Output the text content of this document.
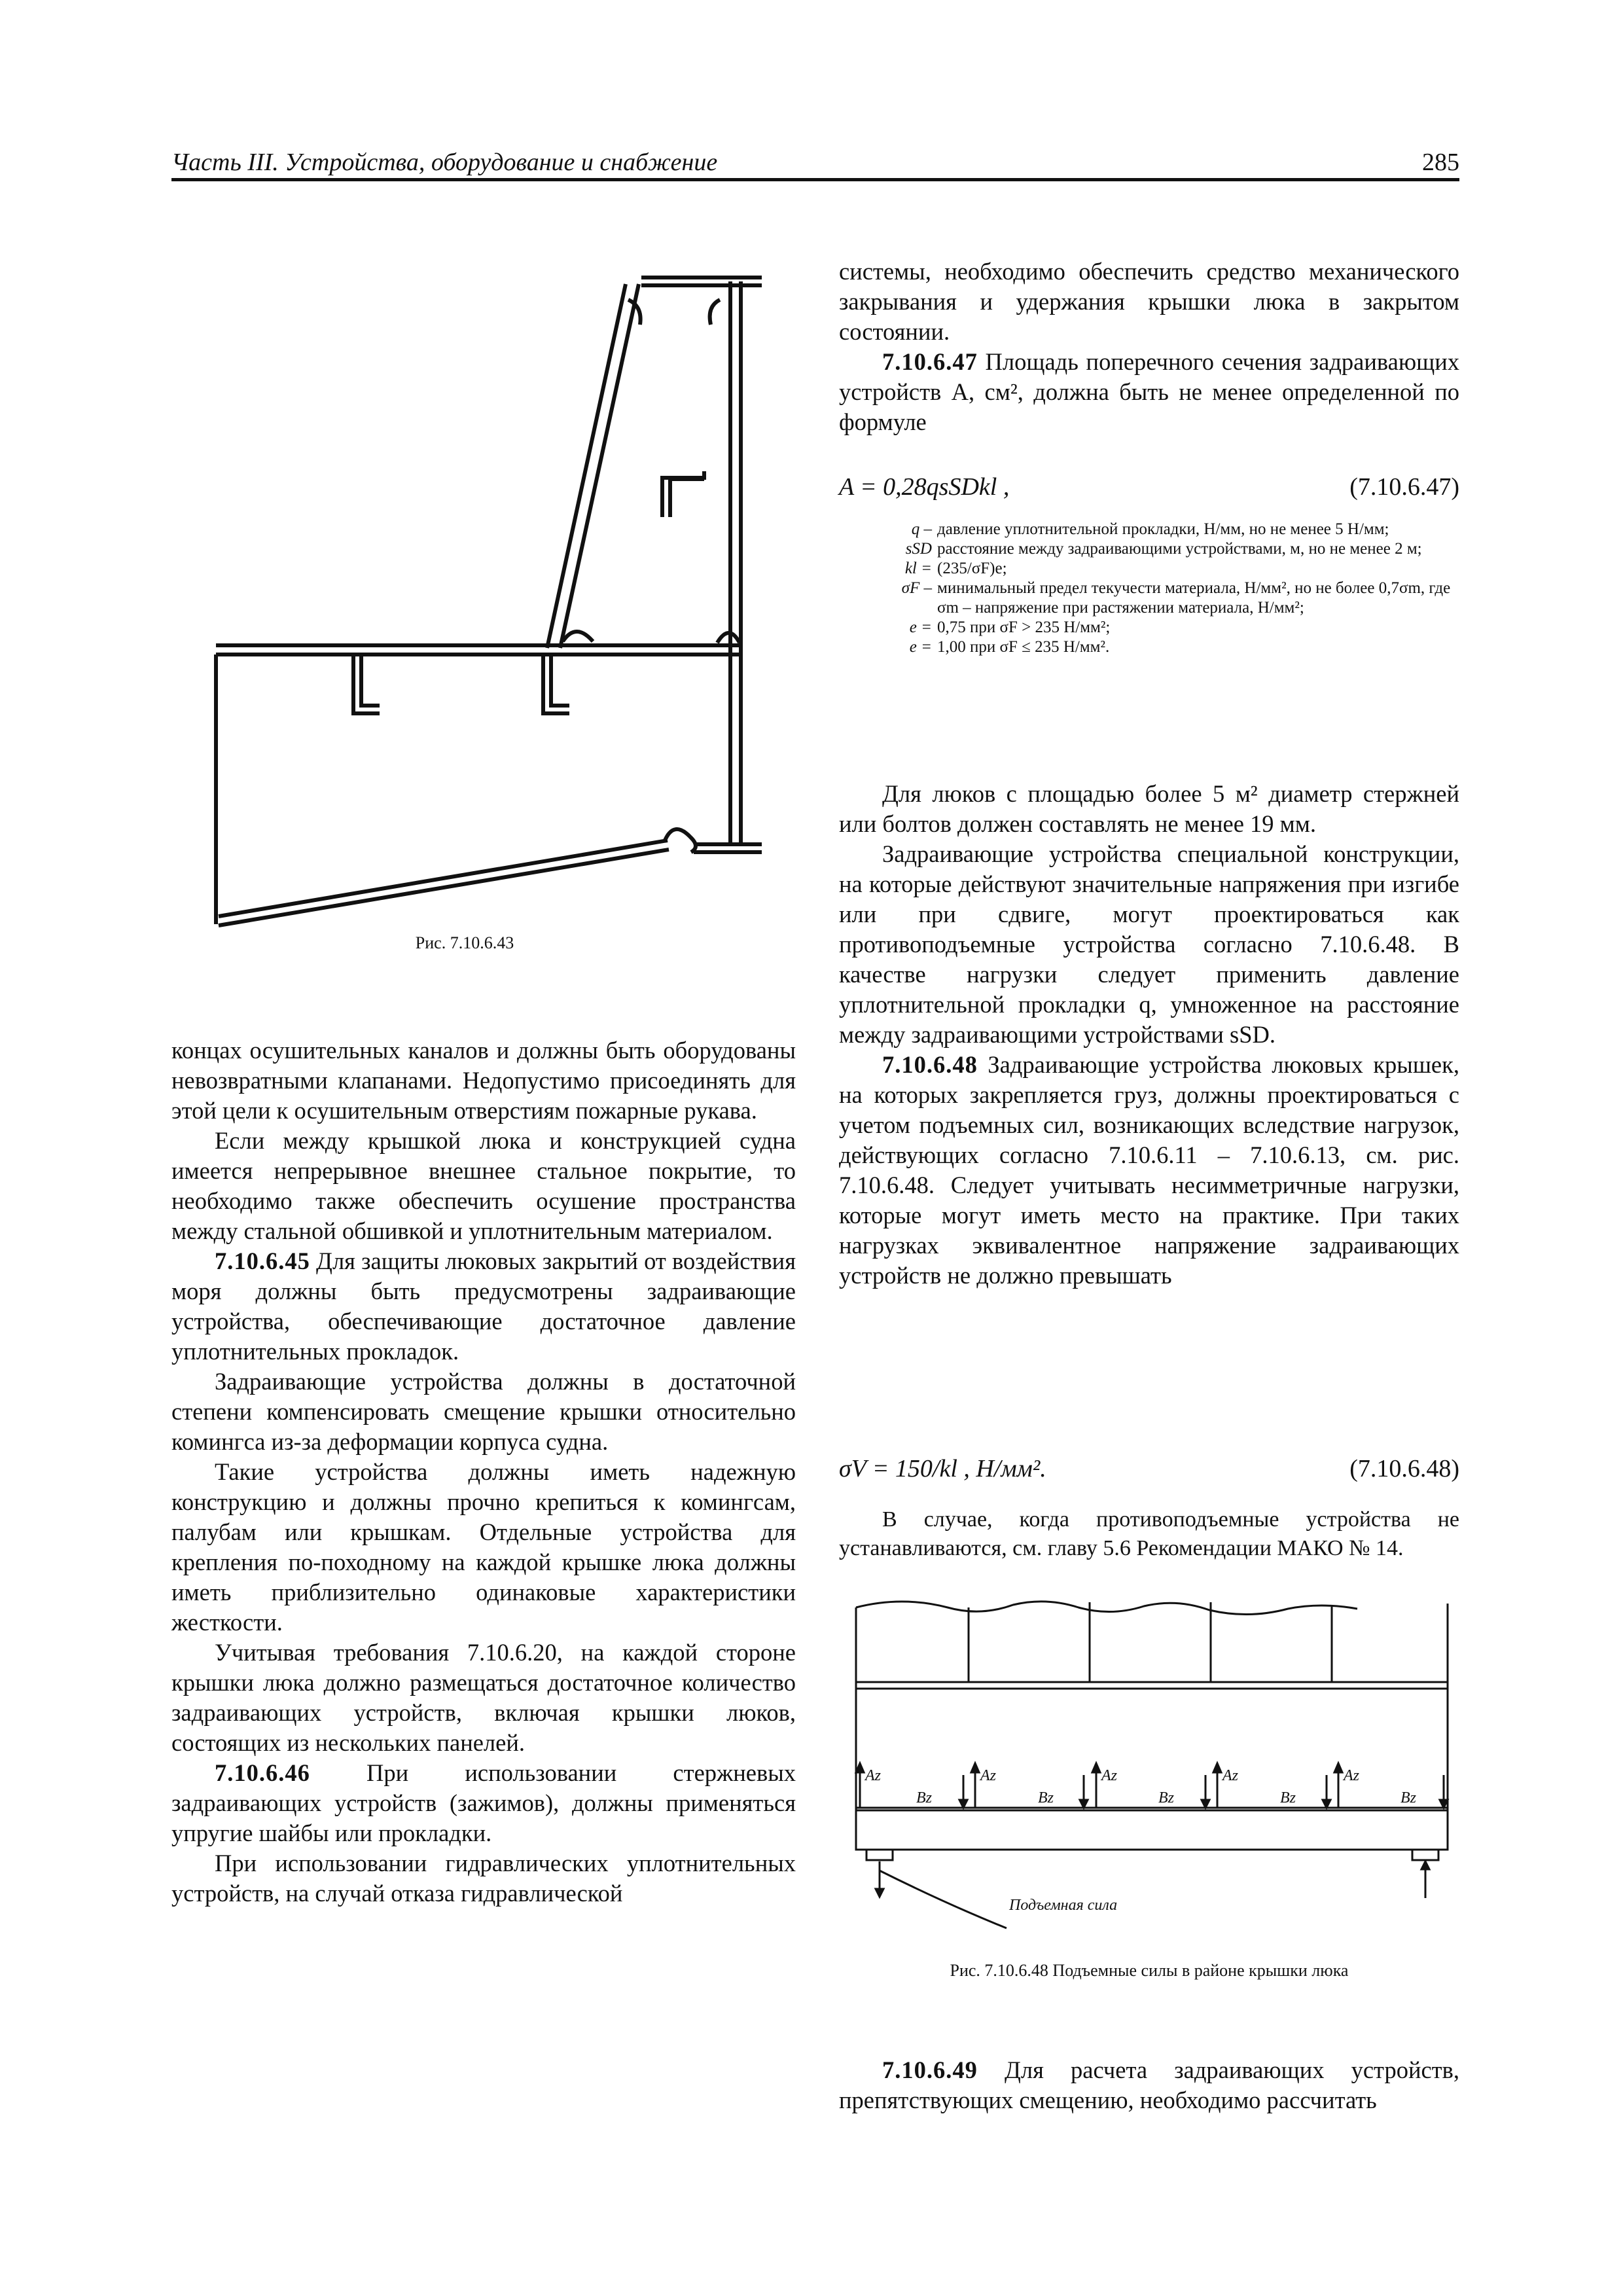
Часть III. Устройства, оборудование и снабжение	285
Рис. 7.10.6.43

концах осушительных каналов и должны быть оборудованы невозвратными клапанами. Недопустимо присоединять для этой цели к осушительным отверстиям пожарные рукава.

Если между крышкой люка и конструкцией судна имеется непрерывное внешнее стальное покрытие, то необходимо также обеспечить осушение пространства между стальной обшивкой и уплотнительным материалом.

7.10.6.45 Для защиты люковых закрытий от воздействия моря должны быть предусмотрены задраивающие устройства, обеспечивающие достаточное давление уплотнительных прокладок.

Задраивающие устройства должны в достаточной степени компенсировать смещение крышки относительно комингса из-за деформации корпуса судна.

Такие устройства должны иметь надежную конструкцию и должны прочно крепиться к комингсам, палубам или крышкам. Отдельные устройства для крепления по-походному на каждой крышке люка должны иметь приблизительно одинаковые характеристики жесткости.

Учитывая требования 7.10.6.20, на каждой стороне крышки люка должно размещаться достаточное количество задраивающих устройств, включая крышки люков, состоящих из нескольких панелей.

7.10.6.46 При использовании стержневых задраивающих устройств (зажимов), должны применяться упругие шайбы или прокладки.

При использовании гидравлических уплотнительных устройств, на случай отказа гидравлической

системы, необходимо обеспечить средство механического закрывания и удержания крышки люка в закрытом состоянии.

7.10.6.47 Площадь поперечного сечения задраивающих устройств A, см², должна быть не менее определенной по формуле

A = 0,28qsSDkl ,	(7.10.6.47)
q – давление уплотнительной прокладки, Н/мм, но не менее 5 Н/мм;
sSD расстояние между задраивающими устройствами, м, но не менее 2 м;
kl = (235/σF)e;
σF – минимальный предел текучести материала, Н/мм², но не более 0,7σm, где σm – напряжение при растяжении материала, Н/мм²;
e = 0,75 при σF > 235 Н/мм²;
e = 1,00 при σF ≤ 235 Н/мм².

Для люков с площадью более 5 м² диаметр стержней или болтов должен составлять не менее 19 мм.

Задраивающие устройства специальной конструкции, на которые действуют значительные напряжения при изгибе или при сдвиге, могут проектироваться как противоподъемные устройства согласно 7.10.6.48. В качестве нагрузки следует применить давление уплотнительной прокладки q, умноженное на расстояние между задраивающими устройствами sSD.

7.10.6.48 Задраивающие устройства люковых крышек, на которых закрепляется груз, должны проектироваться с учетом подъемных сил, возникающих вследствие нагрузок, действующих согласно 7.10.6.11 – 7.10.6.13, см. рис. 7.10.6.48. Следует учитывать несимметричные нагрузки, которые могут иметь место на практике. При таких нагрузках эквивалентное напряжение задраивающих устройств не должно превышать

σV = 150/kl , Н/мм².	(7.10.6.48)

В случае, когда противоподъемные устройства не устанавливаются, см. главу 5.6 Рекомендации МАКО № 14.

Az
Bz
Az
Bz
Az
Bz
Az
Bz
Az
Bz
Подъемная сила
Рис. 7.10.6.48 Подъемные силы в районе крышки люка

7.10.6.49 Для расчета задраивающих устройств, препятствующих смещению, необходимо рассчитать
